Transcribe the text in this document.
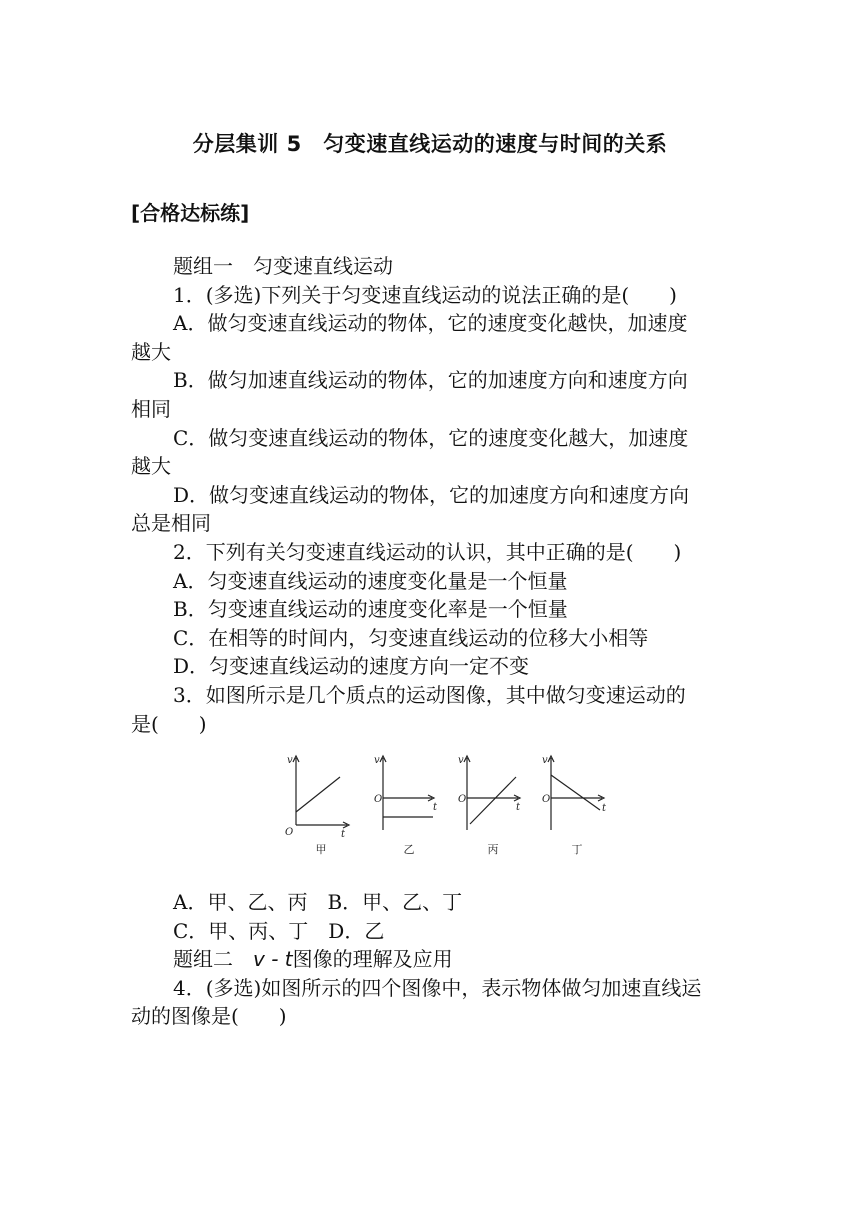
分层集训 5　匀变速直线运动的速度与时间的关系
[合格达标练]
题组一　匀变速直线运动
1．(多选)下列关于匀变速直线运动的说法正确的是(　　)
A．做匀变速直线运动的物体，它的速度变化越快，加速度
越大
B．做匀加速直线运动的物体，它的加速度方向和速度方向
相同
C．做匀变速直线运动的物体，它的速度变化越大，加速度
越大
D．做匀变速直线运动的物体，它的加速度方向和速度方向
总是相同
2．下列有关匀变速直线运动的认识，其中正确的是(　　)
A．匀变速直线运动的速度变化量是一个恒量
B．匀变速直线运动的速度变化率是一个恒量
C．在相等的时间内，匀变速直线运动的位移大小相等
D．匀变速直线运动的速度方向一定不变
3．如图所示是几个质点的运动图像，其中做匀变速运动的
是(　　)
A．甲、乙、丙　B．甲、乙、丁
C．甲、丙、丁　D．乙
题组二　v - t图像的理解及应用
4．(多选)如图所示的四个图像中，表示物体做匀加速直线运
动的图像是(　　)
v
O	t
v
O
t
v
O
t
v
O
t
甲	乙	丙	丁
